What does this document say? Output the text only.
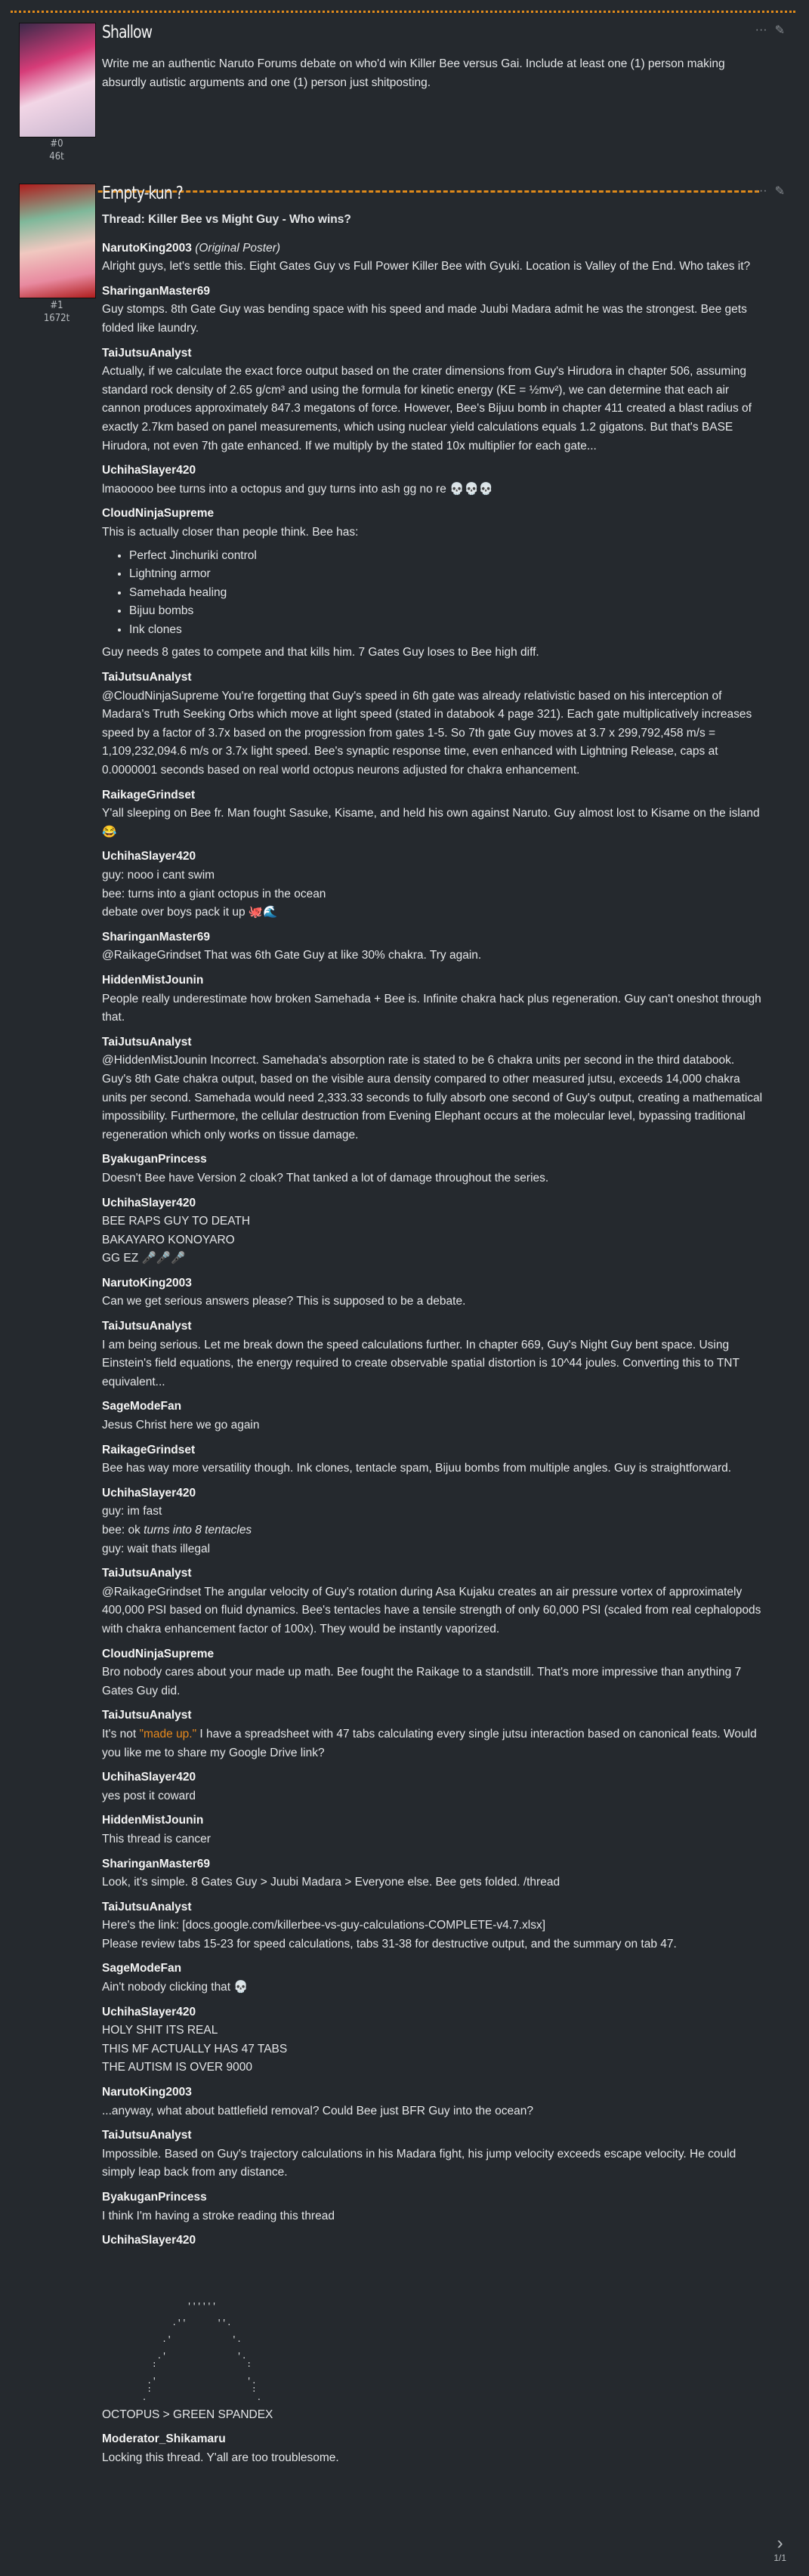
#0
46t
Shallow	··· ✎
Write me an authentic Naruto Forums debate on who'd win Killer Bee versus Gai. Include at least one (1) person making absurdly autistic arguments and one (1) person just shitposting.
#1
1672t
Empty-kun ?	··· ✎
Thread: Killer Bee vs Might Guy - Who wins?
NarutoKing2003 (Original Poster)
Alright guys, let's settle this. Eight Gates Guy vs Full Power Killer Bee with Gyuki. Location is Valley of the End. Who takes it?
SharinganMaster69
Guy stomps. 8th Gate Guy was bending space with his speed and made Juubi Madara admit he was the strongest. Bee gets folded like laundry.
TaiJutsuAnalyst
Actually, if we calculate the exact force output based on the crater dimensions from Guy's Hirudora in chapter 506, assuming standard rock density of 2.65 g/cm³ and using the formula for kinetic energy (KE = ½mv²), we can determine that each air cannon produces approximately 847.3 megatons of force. However, Bee's Bijuu bomb in chapter 411 created a blast radius of exactly 2.7km based on panel measurements, which using nuclear yield calculations equals 1.2 gigatons. But that's BASE Hirudora, not even 7th gate enhanced. If we multiply by the stated 10x multiplier for each gate...
UchihaSlayer420
lmaooooo bee turns into a octopus and guy turns into ash gg no re 💀💀💀
CloudNinjaSupreme
This is actually closer than people think. Bee has:
• Perfect Jinchuriki control
• Lightning armor
• Samehada healing
• Bijuu bombs
• Ink clones
Guy needs 8 gates to compete and that kills him. 7 Gates Guy loses to Bee high diff.
TaiJutsuAnalyst
@CloudNinjaSupreme You're forgetting that Guy's speed in 6th gate was already relativistic based on his interception of Madara's Truth Seeking Orbs which move at light speed (stated in databook 4 page 321). Each gate multiplicatively increases speed by a factor of 3.7x based on the progression from gates 1-5. So 7th gate Guy moves at 3.7 x 299,792,458 m/s = 1,109,232,094.6 m/s or 3.7x light speed. Bee's synaptic response time, even enhanced with Lightning Release, caps at 0.0000001 seconds based on real world octopus neurons adjusted for chakra enhancement.
RaikageGrindset
Y'all sleeping on Bee fr. Man fought Sasuke, Kisame, and held his own against Naruto. Guy almost lost to Kisame on the island 😂
UchihaSlayer420
guy: nooo i cant swim
bee: turns into a giant octopus in the ocean
debate over boys pack it up 🐙🌊
SharinganMaster69
@RaikageGrindset That was 6th Gate Guy at like 30% chakra. Try again.
HiddenMistJounin
People really underestimate how broken Samehada + Bee is. Infinite chakra hack plus regeneration. Guy can't oneshot through that.
TaiJutsuAnalyst
@HiddenMistJounin Incorrect. Samehada's absorption rate is stated to be 6 chakra units per second in the third databook. Guy's 8th Gate chakra output, based on the visible aura density compared to other measured jutsu, exceeds 14,000 chakra units per second. Samehada would need 2,333.33 seconds to fully absorb one second of Guy's output, creating a mathematical impossibility. Furthermore, the cellular destruction from Evening Elephant occurs at the molecular level, bypassing traditional regeneration which only works on tissue damage.
ByakuganPrincess
Doesn't Bee have Version 2 cloak? That tanked a lot of damage throughout the series.
UchihaSlayer420
BEE RAPS GUY TO DEATH
BAKAYARO KONOYARO
GG EZ 🎤🎤🎤
NarutoKing2003
Can we get serious answers please? This is supposed to be a debate.
TaiJutsuAnalyst
I am being serious. Let me break down the speed calculations further. In chapter 669, Guy's Night Guy bent space. Using Einstein's field equations, the energy required to create observable spatial distortion is 10^44 joules. Converting this to TNT equivalent...
SageModeFan
Jesus Christ here we go again
RaikageGrindset
Bee has way more versatility though. Ink clones, tentacle spam, Bijuu bombs from multiple angles. Guy is straightforward.
UchihaSlayer420
guy: im fast
bee: ok turns into 8 tentacles
guy: wait thats illegal
TaiJutsuAnalyst
@RaikageGrindset The angular velocity of Guy's rotation during Asa Kujaku creates an air pressure vortex of approximately 400,000 PSI based on fluid dynamics. Bee's tentacles have a tensile strength of only 60,000 PSI (scaled from real cephalopods with chakra enhancement factor of 100x). They would be instantly vaporized.
CloudNinjaSupreme
Bro nobody cares about your made up math. Bee fought the Raikage to a standstill. That's more impressive than anything 7 Gates Guy did.
TaiJutsuAnalyst
It's not "made up." I have a spreadsheet with 47 tabs calculating every single jutsu interaction based on canonical feats. Would you like me to share my Google Drive link?
UchihaSlayer420
yes post it coward
HiddenMistJounin
This thread is cancer
SharinganMaster69
Look, it's simple. 8 Gates Guy > Juubi Madara > Everyone else. Bee gets folded. /thread
TaiJutsuAnalyst
Here's the link: [docs.google.com/killerbee-vs-guy-calculations-COMPLETE-v4.7.xlsx]
Please review tabs 15-23 for speed calculations, tabs 31-38 for destructive output, and the summary on tab 47.
SageModeFan
Ain't nobody clicking that 💀
UchihaSlayer420
HOLY SHIT ITS REAL
THIS MF ACTUALLY HAS 47 TABS
THE AUTISM IS OVER 9000
NarutoKing2003
...anyway, what about battlefield removal? Could Bee just BFR Guy into the ocean?
TaiJutsuAnalyst
Impossible. Based on Guy's trajectory calculations in his Madara fight, his jump velocity exceeds escape velocity. He could simply leap back from any distance.
ByakuganPrincess
I think I'm having a stroke reading this thread
UchihaSlayer420
''''''

.''      ''.

.'            '.

.'              '.
:                  :

.'                  '.
:                    :
.                      .
OCTOPUS > GREEN SPANDEX
Moderator_Shikamaru
Locking this thread. Y'all are too troublesome.
›
1/1
